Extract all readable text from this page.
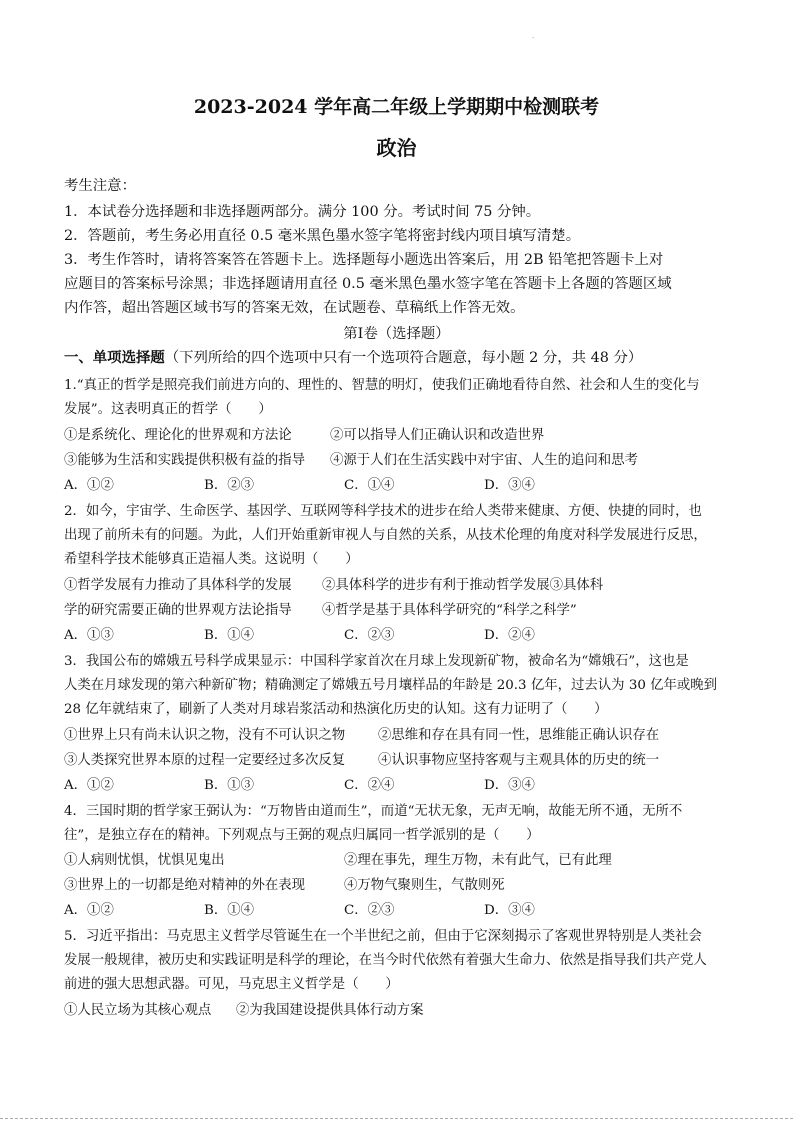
·
2023-2024 学年高二年级上学期期中检测联考
政治
考生注意：
1．本试卷分选择题和非选择题两部分。满分 100 分。考试时间 75 分钟。
2．答题前，考生务必用直径 0.5 毫米黑色墨水签字笔将密封线内项目填写清楚。
3．考生作答时，请将答案答在答题卡上。选择题每小题选出答案后，用 2B 铅笔把答题卡上对
应题目的答案标号涂黑；非选择题请用直径 0.5 毫米黑色墨水签字笔在答题卡上各题的答题区域
内作答，超出答题区域书写的答案无效，在试题卷、草稿纸上作答无效。
第Ⅰ卷（选择题）
一、单项选择题（下列所给的四个选项中只有一个选项符合题意，每小题 2 分，共 48 分）
1.“真正的哲学是照亮我们前进方向的、理性的、智慧的明灯，使我们正确地看待自然、社会和人生的变化与
发展”。这表明真正的哲学（　　）
①是系统化、理论化的世界观和方法论	②可以指导人们正确认识和改造世界
③能够为生活和实践提供积极有益的指导 ④源于人们在生活实践中对宇宙、人生的追问和思考
A．①②	B．②③	C．①④	D．③④
2．如今，宇宙学、生命医学、基因学、互联网等科学技术的进步在给人类带来健康、方便、快捷的同时，也
出现了前所未有的问题。为此，人们开始重新审视人与自然的关系，从技术伦理的角度对科学发展进行反思，
希望科学技术能够真正造福人类。这说明（　　）
①哲学发展有力推动了具体科学的发展 ②具体科学的进步有利于推动哲学发展③具体科
学的研究需要正确的世界观方法论指导 ④哲学是基于具体科学研究的“科学之科学”
A．①③	B．①④	C．②③	D．②④
3．我国公布的嫦娥五号科学成果显示：中国科学家首次在月球上发现新矿物，被命名为“嫦娥石”，这也是
人类在月球发现的第六种新矿物；精确测定了嫦娥五号月壤样品的年龄是 20.3 亿年，过去认为 30 亿年或晚到
28 亿年就结束了，刷新了人类对月球岩浆活动和热演化历史的认知。这有力证明了（　　）
①世界上只有尚未认识之物，没有不可认识之物 ②思维和存在具有同一性，思维能正确认识存在
③人类探究世界本原的过程一定要经过多次反复 ④认识事物应坚持客观与主观具体的历史的统一
A．①②	B．①③	C．②④	D．③④
4．三国时期的哲学家王弼认为：“万物皆由道而生”，而道“无状无象，无声无响，故能无所不通，无所不
往”，是独立存在的精神。下列观点与王弼的观点归属同一哲学派别的是（　　）
①人病则忧惧，忧惧见鬼出	②理在事先，理生万物，未有此气，已有此理
③世界上的一切都是绝对精神的外在表现	④万物气聚则生，气散则死
A．①②	B．①④	C．②③	D．③④
5．习近平指出：马克思主义哲学尽管诞生在一个半世纪之前，但由于它深刻揭示了客观世界特别是人类社会
发展一般规律，被历史和实践证明是科学的理论，在当今时代依然有着强大生命力、依然是指导我们共产党人
前进的强大思想武器。可见，马克思主义哲学是（　　）
①人民立场为其核心观点 ②为我国建设提供具体行动方案
